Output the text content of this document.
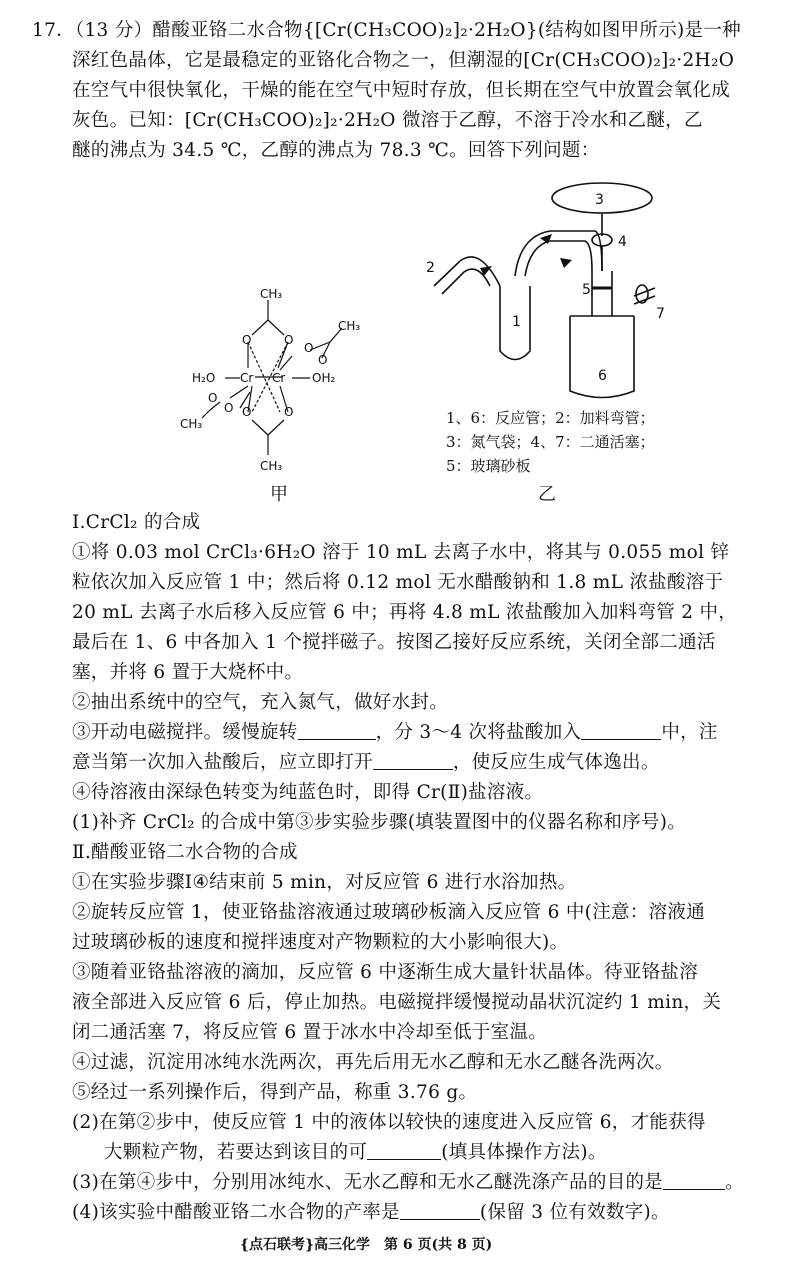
17．（13 分）醋酸亚铬二水合物{[Cr(CH₃COO)₂]₂·2H₂O}(结构如图甲所示)是一种
深红色晶体，它是最稳定的亚铬化合物之一，但潮湿的[Cr(CH₃COO)₂]₂·2H₂O
在空气中很快氧化，干燥的能在空气中短时存放，但长期在空气中放置会氧化成
灰色。已知：[Cr(CH₃COO)₂]₂·2H₂O 微溶于乙醇，不溶于冷水和乙醚，乙
醚的沸点为 34.5 ℃，乙醇的沸点为 78.3 ℃。回答下列问题：
CH₃
CH₃
CH₃
CH₃
H₂O	OH₂
Cr Cr
O	O
O	O
O
O
O
O
甲
3
4
2
1
5
6
7
1、6：反应管；2：加料弯管；
3：氮气袋；4、7：二通活塞；
5：玻璃砂板
乙
Ⅰ.CrCl₂ 的合成
①将 0.03 mol CrCl₃·6H₂O 溶于 10 mL 去离子水中，将其与 0.055 mol 锌
粒依次加入反应管 1 中；然后将 0.12 mol 无水醋酸钠和 1.8 mL 浓盐酸溶于
20 mL 去离子水后移入反应管 6 中；再将 4.8 mL 浓盐酸加入加料弯管 2 中，
最后在 1、6 中各加入 1 个搅拌磁子。按图乙接好反应系统，关闭全部二通活
塞，并将 6 置于大烧杯中。
②抽出系统中的空气，充入氮气，做好水封。
③开动电磁搅拌。缓慢旋转	，分 3～4 次将盐酸加入	中，注
意当第一次加入盐酸后，应立即打开	，使反应生成气体逸出。
④待溶液由深绿色转变为纯蓝色时，即得 Cr(Ⅱ)盐溶液。
(1)补齐 CrCl₂ 的合成中第③步实验步骤(填装置图中的仪器名称和序号)。
Ⅱ.醋酸亚铬二水合物的合成
①在实验步骤Ⅰ④结束前 5 min，对反应管 6 进行水浴加热。
②旋转反应管 1，使亚铬盐溶液通过玻璃砂板滴入反应管 6 中(注意：溶液通
过玻璃砂板的速度和搅拌速度对产物颗粒的大小影响很大)。
③随着亚铬盐溶液的滴加，反应管 6 中逐渐生成大量针状晶体。待亚铬盐溶
液全部进入反应管 6 后，停止加热。电磁搅拌缓慢搅动晶状沉淀约 1 min，关
闭二通活塞 7，将反应管 6 置于冰水中冷却至低于室温。
④过滤，沉淀用冰纯水洗两次，再先后用无水乙醇和无水乙醚各洗两次。
⑤经过一系列操作后，得到产品，称重 3.76 g。
(2)在第②步中，使反应管 1 中的液体以较快的速度进入反应管 6，才能获得
大颗粒产物，若要达到该目的可	(填具体操作方法)。
(3)在第④步中，分别用冰纯水、无水乙醇和无水乙醚洗涤产品的目的是	。
(4)该实验中醋酸亚铬二水合物的产率是	(保留 3 位有效数字)。
{点石联考}高三化学　第 6 页(共 8 页)
